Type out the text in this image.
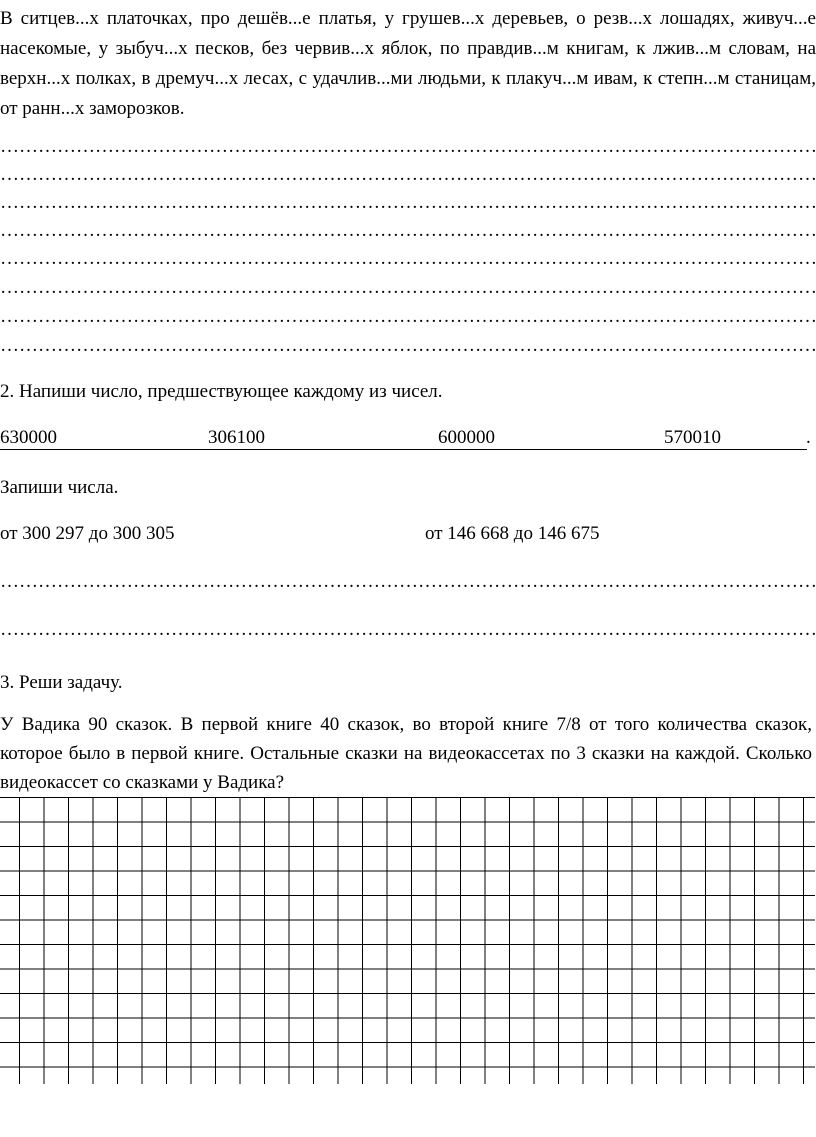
В ситцев...х платочках, про дешёв...е платья, у грушев...х деревьев, о резв...х лошадях, живуч...е насекомые, у зыбуч...х песков, без червив...х яблок, по правдив...м книгам, к лжив...м словам, на верхн...х полках, в дремуч...х лесах, с удачлив...ми людьми, к плакуч...м ивам, к степн...м станицам, от ранн...х заморозков.
…………………………………………………………………………………………………………………
…………………………………………………………………………………………………………………
…………………………………………………………………………………………………………………
…………………………………………………………………………………………………………………
…………………………………………………………………………………………………………………
…………………………………………………………………………………………………………………
…………………………………………………………………………………………………………………
…………………………………………………………………………………………………………………
2. Напиши число, предшествующее каждому из чисел.
630000	306100	600000	570010	.
Запиши числа.
от 300 297 до 300 305	от 146 668 до 146 675
…………………………………………………………………………………………………………………
…………………………………………………………………………………………………………………
3. Реши задачу.
У Вадика 90 сказок. В первой книге 40 сказок, во второй книге 7/8 от того количества сказок, которое было в первой книге. Остальные сказки на видеокассетах по 3 сказки на каждой. Сколько видеокассет со сказками у Вадика?
